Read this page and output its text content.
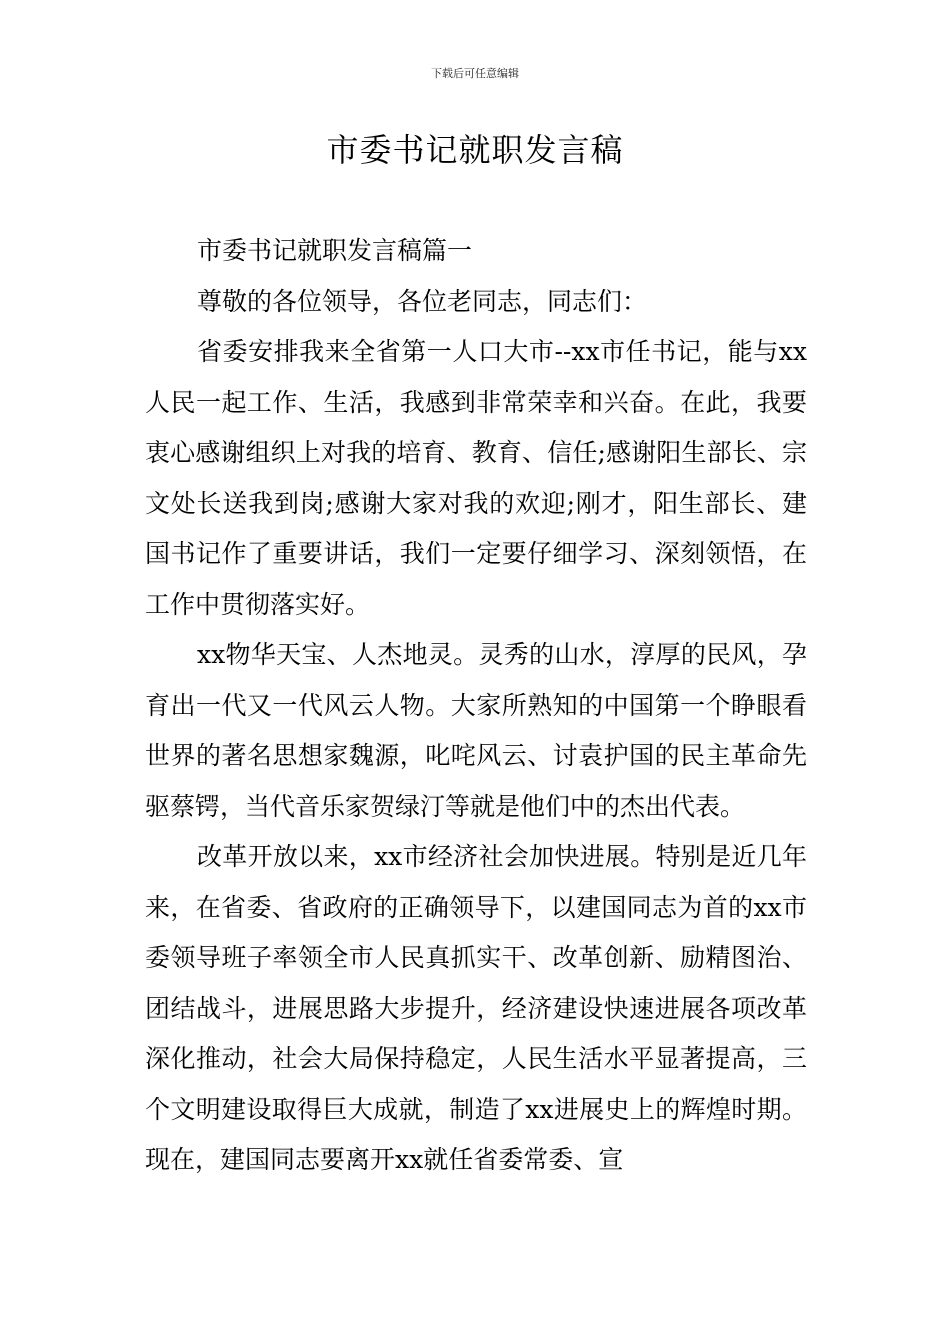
下载后可任意编辑
市委书记就职发言稿

市委书记就职发言稿篇一

尊敬的各位领导，各位老同志，同志们：

省委安排我来全省第一人口大市--xx市任书记，能与xx人民一起工作、生活，我感到非常荣幸和兴奋。在此，我要衷心感谢组织上对我的培育、教育、信任;感谢阳生部长、宗文处长送我到岗;感谢大家对我的欢迎;刚才，阳生部长、建国书记作了重要讲话，我们一定要仔细学习、深刻领悟，在工作中贯彻落实好。

xx物华天宝、人杰地灵。灵秀的山水，淳厚的民风，孕育出一代又一代风云人物。大家所熟知的中国第一个睁眼看世界的著名思想家魏源，叱咤风云、讨袁护国的民主革命先驱蔡锷，当代音乐家贺绿汀等就是他们中的杰出代表。

改革开放以来，xx市经济社会加快进展。特别是近几年来，在省委、省政府的正确领导下，以建国同志为首的xx市委领导班子率领全市人民真抓实干、改革创新、励精图治、团结战斗，进展思路大步提升，经济建设快速进展各项改革深化推动，社会大局保持稳定，人民生活水平显著提高，三个文明建设取得巨大成就，制造了xx进展史上的辉煌时期。现在，建国同志要离开xx就任省委常委、宣
